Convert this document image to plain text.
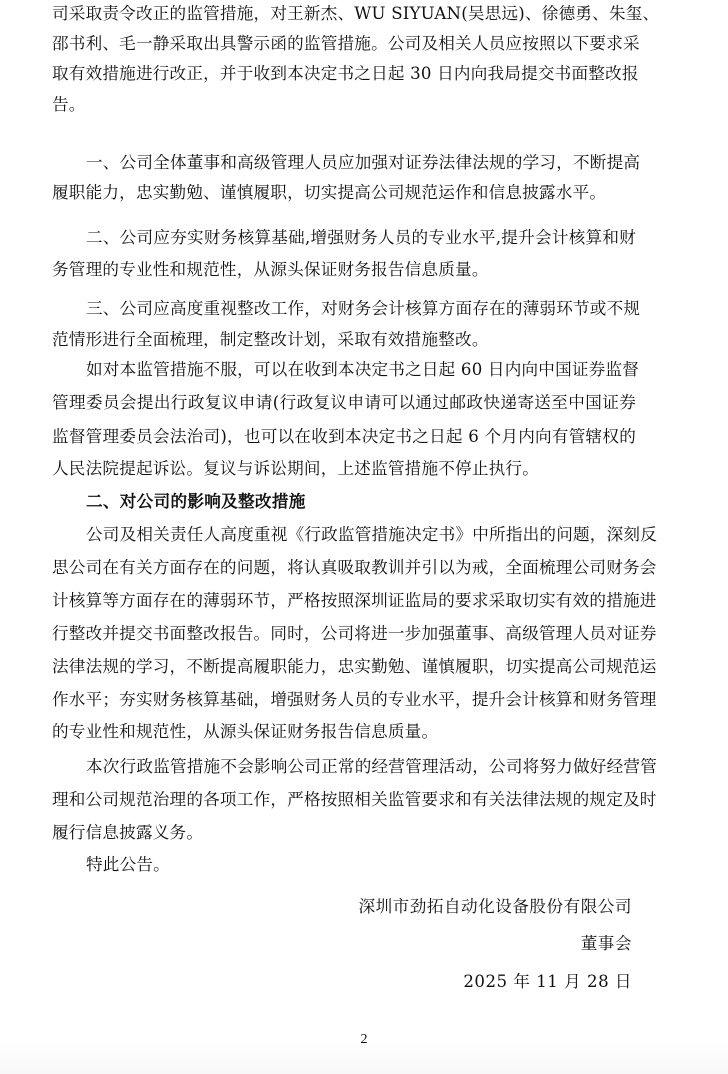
司采取责令改正的监管措施，对王新杰、WU SIYUAN(吴思远)、徐德勇、朱玺、
邵书利、毛一静采取出具警示函的监管措施。公司及相关人员应按照以下要求采
取有效措施进行改正，并于收到本决定书之日起 30 日内向我局提交书面整改报
告。
一、公司全体董事和高级管理人员应加强对证券法律法规的学习，不断提高
履职能力，忠实勤勉、谨慎履职，切实提高公司规范运作和信息披露水平。
二、公司应夯实财务核算基础,增强财务人员的专业水平,提升会计核算和财
务管理的专业性和规范性，从源头保证财务报告信息质量。
三、公司应高度重视整改工作，对财务会计核算方面存在的薄弱环节或不规
范情形进行全面梳理，制定整改计划，采取有效措施整改。
如对本监管措施不服，可以在收到本决定书之日起 60 日内向中国证券监督
管理委员会提出行政复议申请(行政复议申请可以通过邮政快递寄送至中国证券
监督管理委员会法治司)，也可以在收到本决定书之日起 6 个月内向有管辖权的
人民法院提起诉讼。复议与诉讼期间，上述监管措施不停止执行。
二、对公司的影响及整改措施
公司及相关责任人高度重视《行政监管措施决定书》中所指出的问题，深刻反
思公司在有关方面存在的问题，将认真吸取教训并引以为戒，全面梳理公司财务会
计核算等方面存在的薄弱环节，严格按照深圳证监局的要求采取切实有效的措施进
行整改并提交书面整改报告。同时，公司将进一步加强董事、高级管理人员对证券
法律法规的学习，不断提高履职能力，忠实勤勉、谨慎履职，切实提高公司规范运
作水平；夯实财务核算基础，增强财务人员的专业水平，提升会计核算和财务管理
的专业性和规范性，从源头保证财务报告信息质量。
本次行政监管措施不会影响公司正常的经营管理活动，公司将努力做好经营管
理和公司规范治理的各项工作，严格按照相关监管要求和有关法律法规的规定及时
履行信息披露义务。
特此公告。
深圳市劲拓自动化设备股份有限公司
董事会
2025 年 11 月 28 日
2
